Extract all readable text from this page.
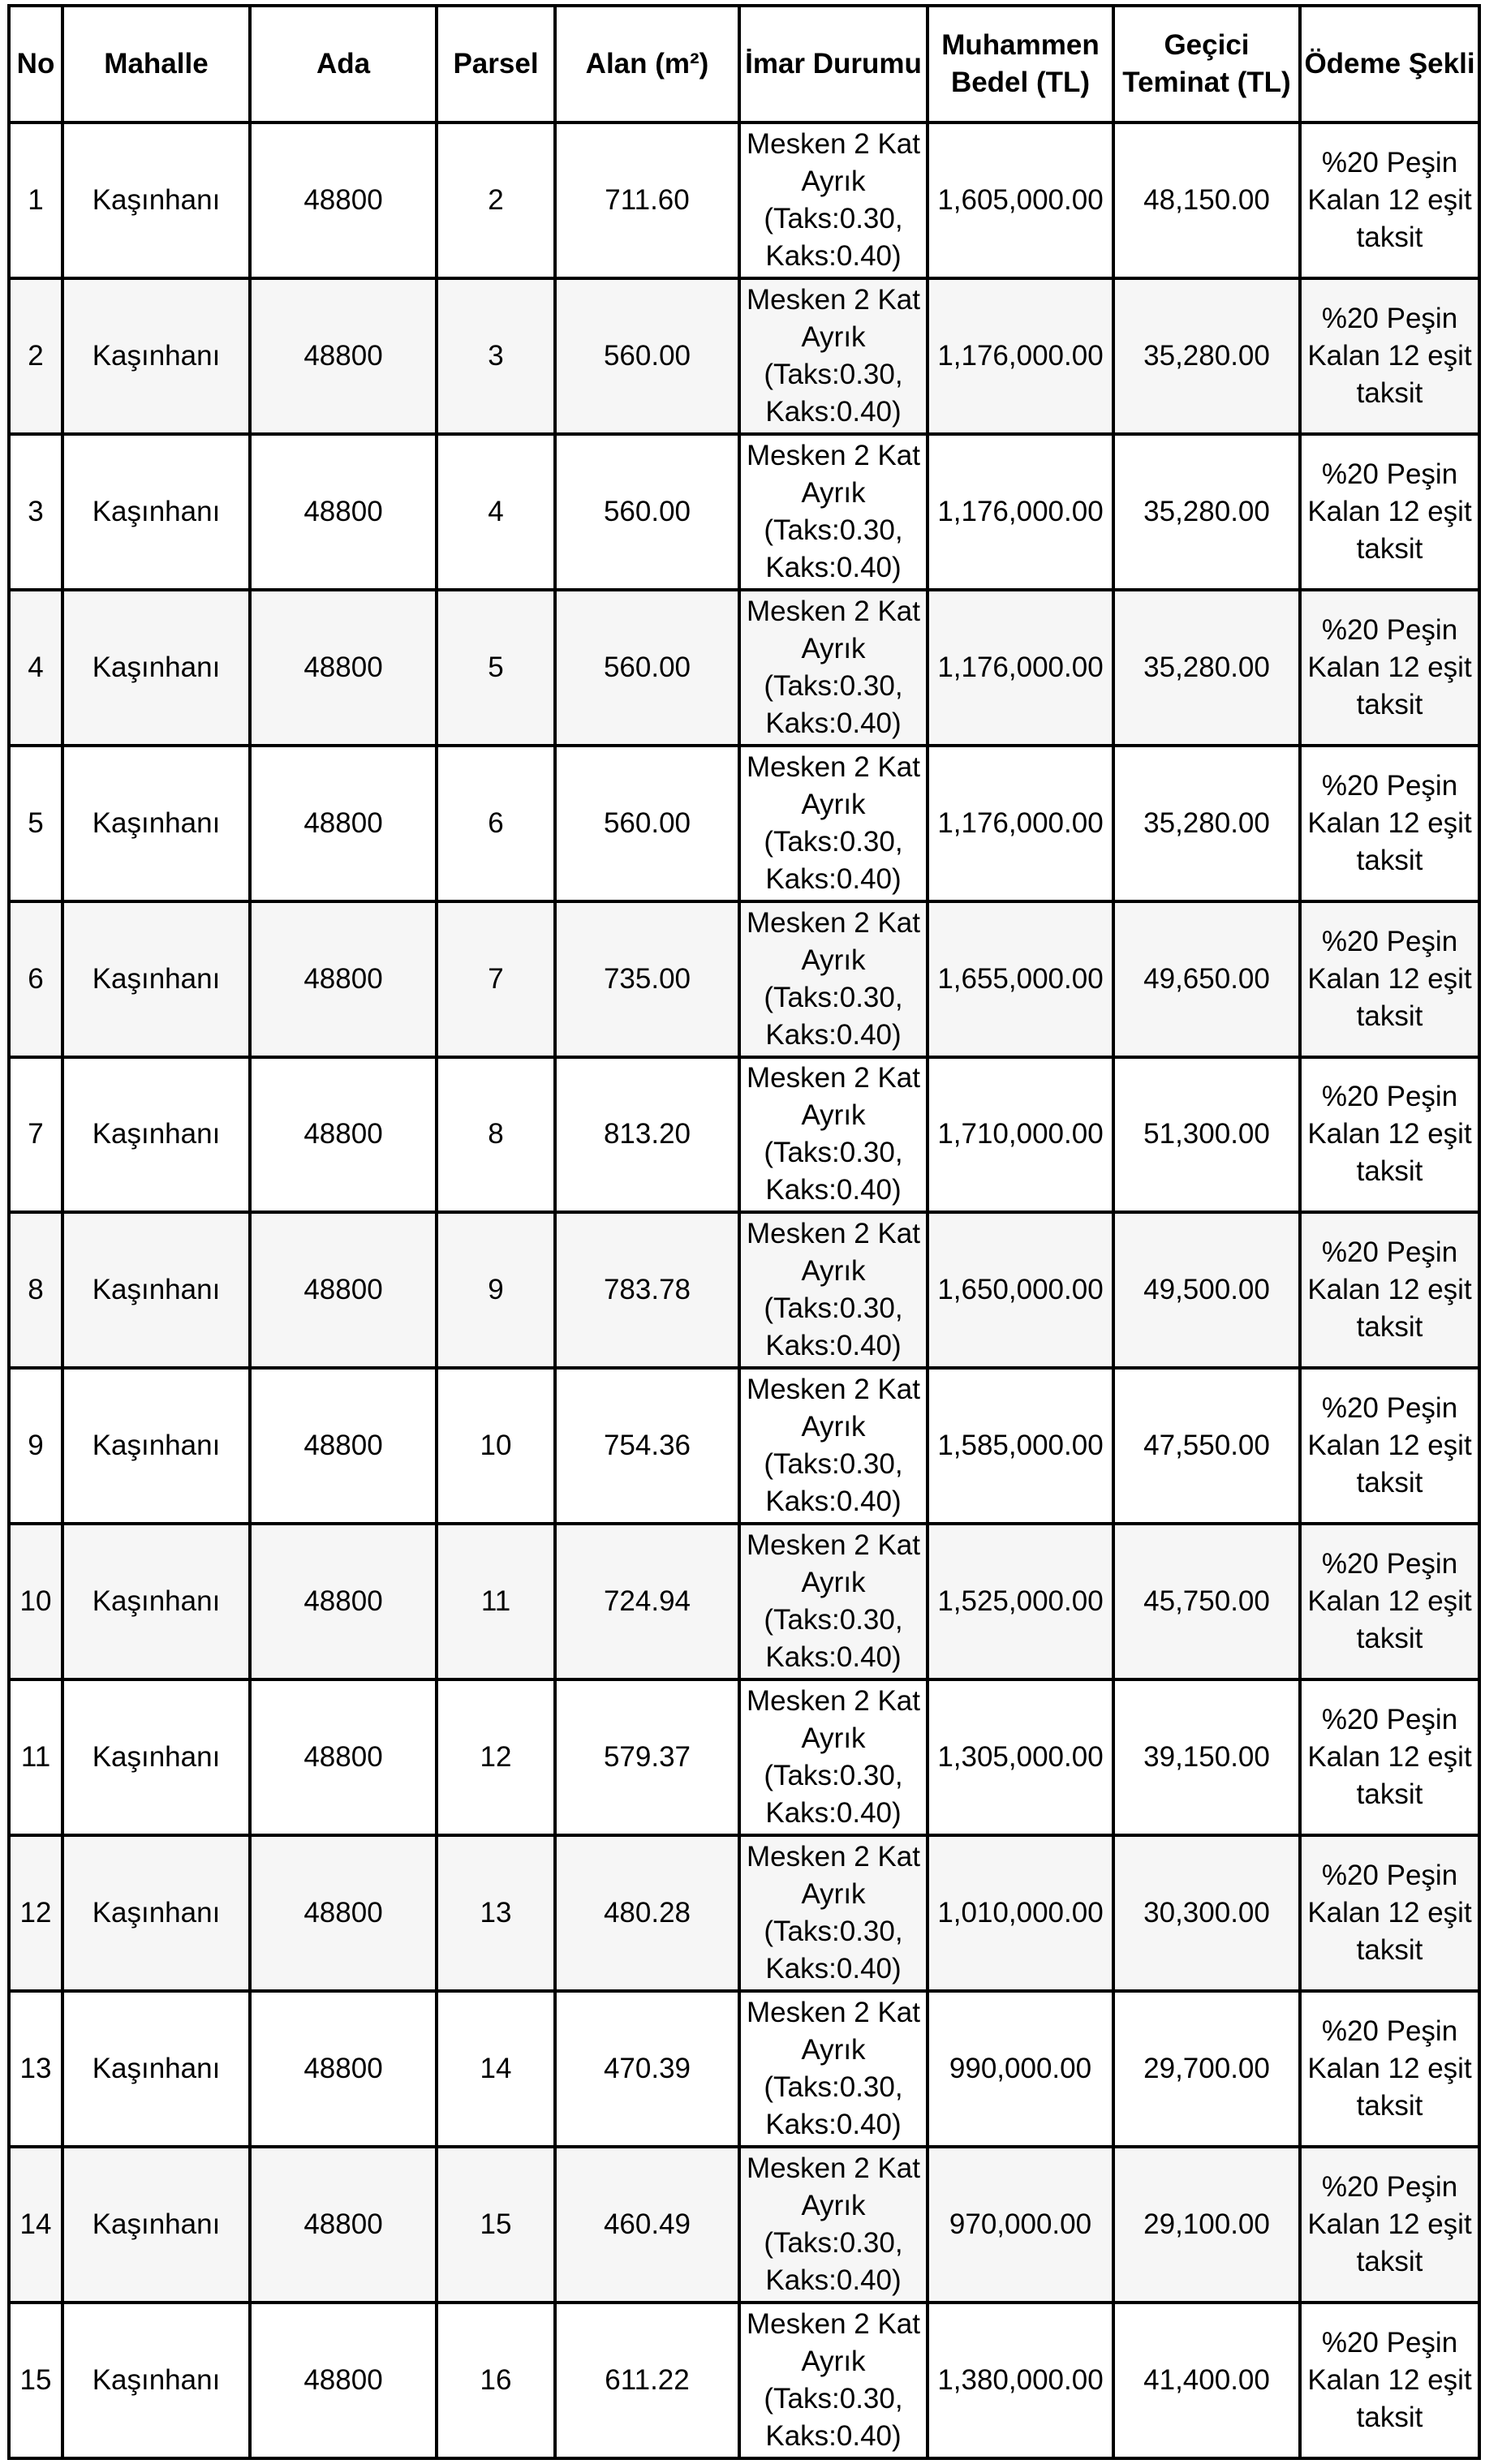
No	Mahalle	Ada	Parsel	Alan (m²)	İmar Durumu	Muhammen Bedel (TL)	Geçici Teminat (TL)	Ödeme Şekli
1	Kaşınhanı	48800	2	711.60	Mesken 2 Kat Ayrık (Taks:0.30, Kaks:0.40)	1,605,000.00	48,150.00	%20 Peşin Kalan 12 eşit taksit
2	Kaşınhanı	48800	3	560.00	Mesken 2 Kat Ayrık (Taks:0.30, Kaks:0.40)	1,176,000.00	35,280.00	%20 Peşin Kalan 12 eşit taksit
3	Kaşınhanı	48800	4	560.00	Mesken 2 Kat Ayrık (Taks:0.30, Kaks:0.40)	1,176,000.00	35,280.00	%20 Peşin Kalan 12 eşit taksit
4	Kaşınhanı	48800	5	560.00	Mesken 2 Kat Ayrık (Taks:0.30, Kaks:0.40)	1,176,000.00	35,280.00	%20 Peşin Kalan 12 eşit taksit
5	Kaşınhanı	48800	6	560.00	Mesken 2 Kat Ayrık (Taks:0.30, Kaks:0.40)	1,176,000.00	35,280.00	%20 Peşin Kalan 12 eşit taksit
6	Kaşınhanı	48800	7	735.00	Mesken 2 Kat Ayrık (Taks:0.30, Kaks:0.40)	1,655,000.00	49,650.00	%20 Peşin Kalan 12 eşit taksit
7	Kaşınhanı	48800	8	813.20	Mesken 2 Kat Ayrık (Taks:0.30, Kaks:0.40)	1,710,000.00	51,300.00	%20 Peşin Kalan 12 eşit taksit
8	Kaşınhanı	48800	9	783.78	Mesken 2 Kat Ayrık (Taks:0.30, Kaks:0.40)	1,650,000.00	49,500.00	%20 Peşin Kalan 12 eşit taksit
9	Kaşınhanı	48800	10	754.36	Mesken 2 Kat Ayrık (Taks:0.30, Kaks:0.40)	1,585,000.00	47,550.00	%20 Peşin Kalan 12 eşit taksit
10	Kaşınhanı	48800	11	724.94	Mesken 2 Kat Ayrık (Taks:0.30, Kaks:0.40)	1,525,000.00	45,750.00	%20 Peşin Kalan 12 eşit taksit
11	Kaşınhanı	48800	12	579.37	Mesken 2 Kat Ayrık (Taks:0.30, Kaks:0.40)	1,305,000.00	39,150.00	%20 Peşin Kalan 12 eşit taksit
12	Kaşınhanı	48800	13	480.28	Mesken 2 Kat Ayrık (Taks:0.30, Kaks:0.40)	1,010,000.00	30,300.00	%20 Peşin Kalan 12 eşit taksit
13	Kaşınhanı	48800	14	470.39	Mesken 2 Kat Ayrık (Taks:0.30, Kaks:0.40)	990,000.00	29,700.00	%20 Peşin Kalan 12 eşit taksit
14	Kaşınhanı	48800	15	460.49	Mesken 2 Kat Ayrık (Taks:0.30, Kaks:0.40)	970,000.00	29,100.00	%20 Peşin Kalan 12 eşit taksit
15	Kaşınhanı	48800	16	611.22	Mesken 2 Kat Ayrık (Taks:0.30, Kaks:0.40)	1,380,000.00	41,400.00	%20 Peşin Kalan 12 eşit taksit
